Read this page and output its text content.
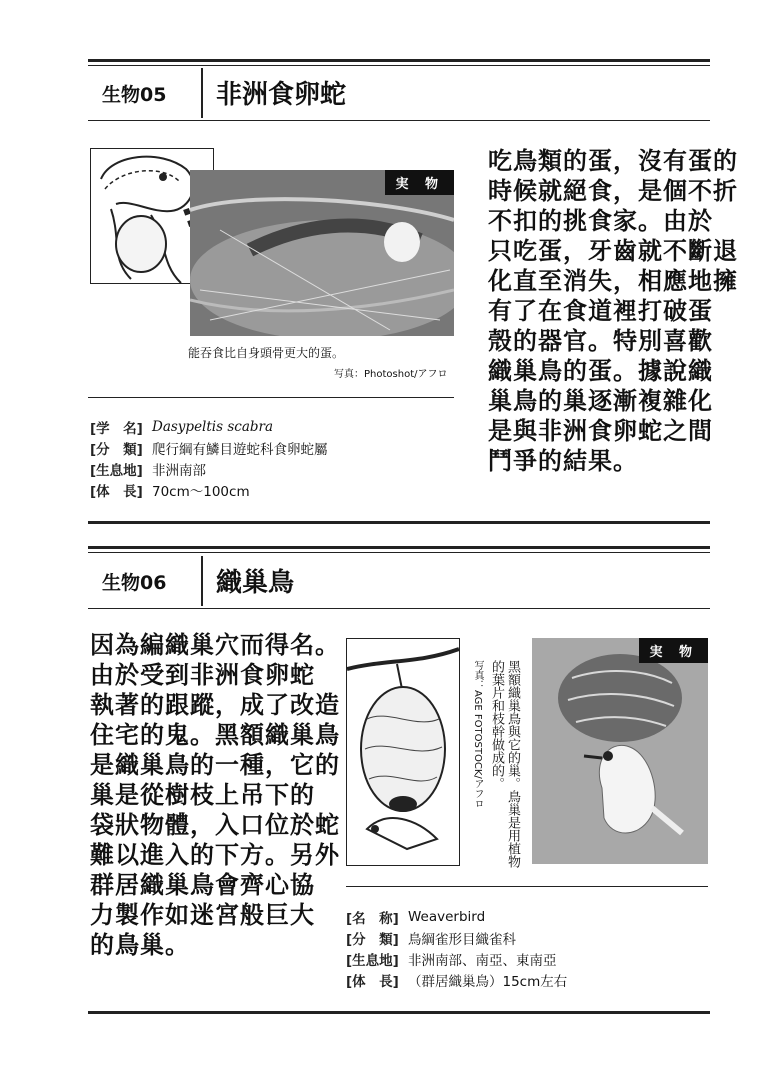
生物05 非洲食卵蛇
実 物
能吞食比自身頭骨更大的蛋。
写真：Photoshot/アフロ
吃鳥類的蛋，沒有蛋的
時候就絕食，是個不折
不扣的挑食家。由於
只吃蛋，牙齒就不斷退
化直至消失，相應地擁
有了在食道裡打破蛋
殼的器官。特別喜歡
織巢鳥的蛋。據說織
巢鳥的巢逐漸複雜化
是與非洲食卵蛇之間
鬥爭的結果。
[学　名] Dasypeltis scabra
[分　類] 爬行綱有鱗目遊蛇科食卵蛇屬
[生息地] 非洲南部
[体　長] 70cm～100cm
生物06 織巢鳥
因為編織巢穴而得名。
由於受到非洲食卵蛇
執著的跟蹤，成了改造
住宅的鬼。黑額織巢鳥
是織巢鳥的一種，它的
巢是從樹枝上吊下的
袋狀物體，入口位於蛇
難以進入的下方。另外
群居織巢鳥會齊心協
力製作如迷宮般巨大
的鳥巢。
黑額織巢鳥與它的巢。鳥巢是用植物的葉片和枝幹做成的。
写真：AGE FOTOSTOCK/アフロ
実 物
[名　称] Weaverbird
[分　類] 鳥綱雀形目織雀科
[生息地] 非洲南部、南亞、東南亞
[体　長] （群居織巢鳥）15cm左右
